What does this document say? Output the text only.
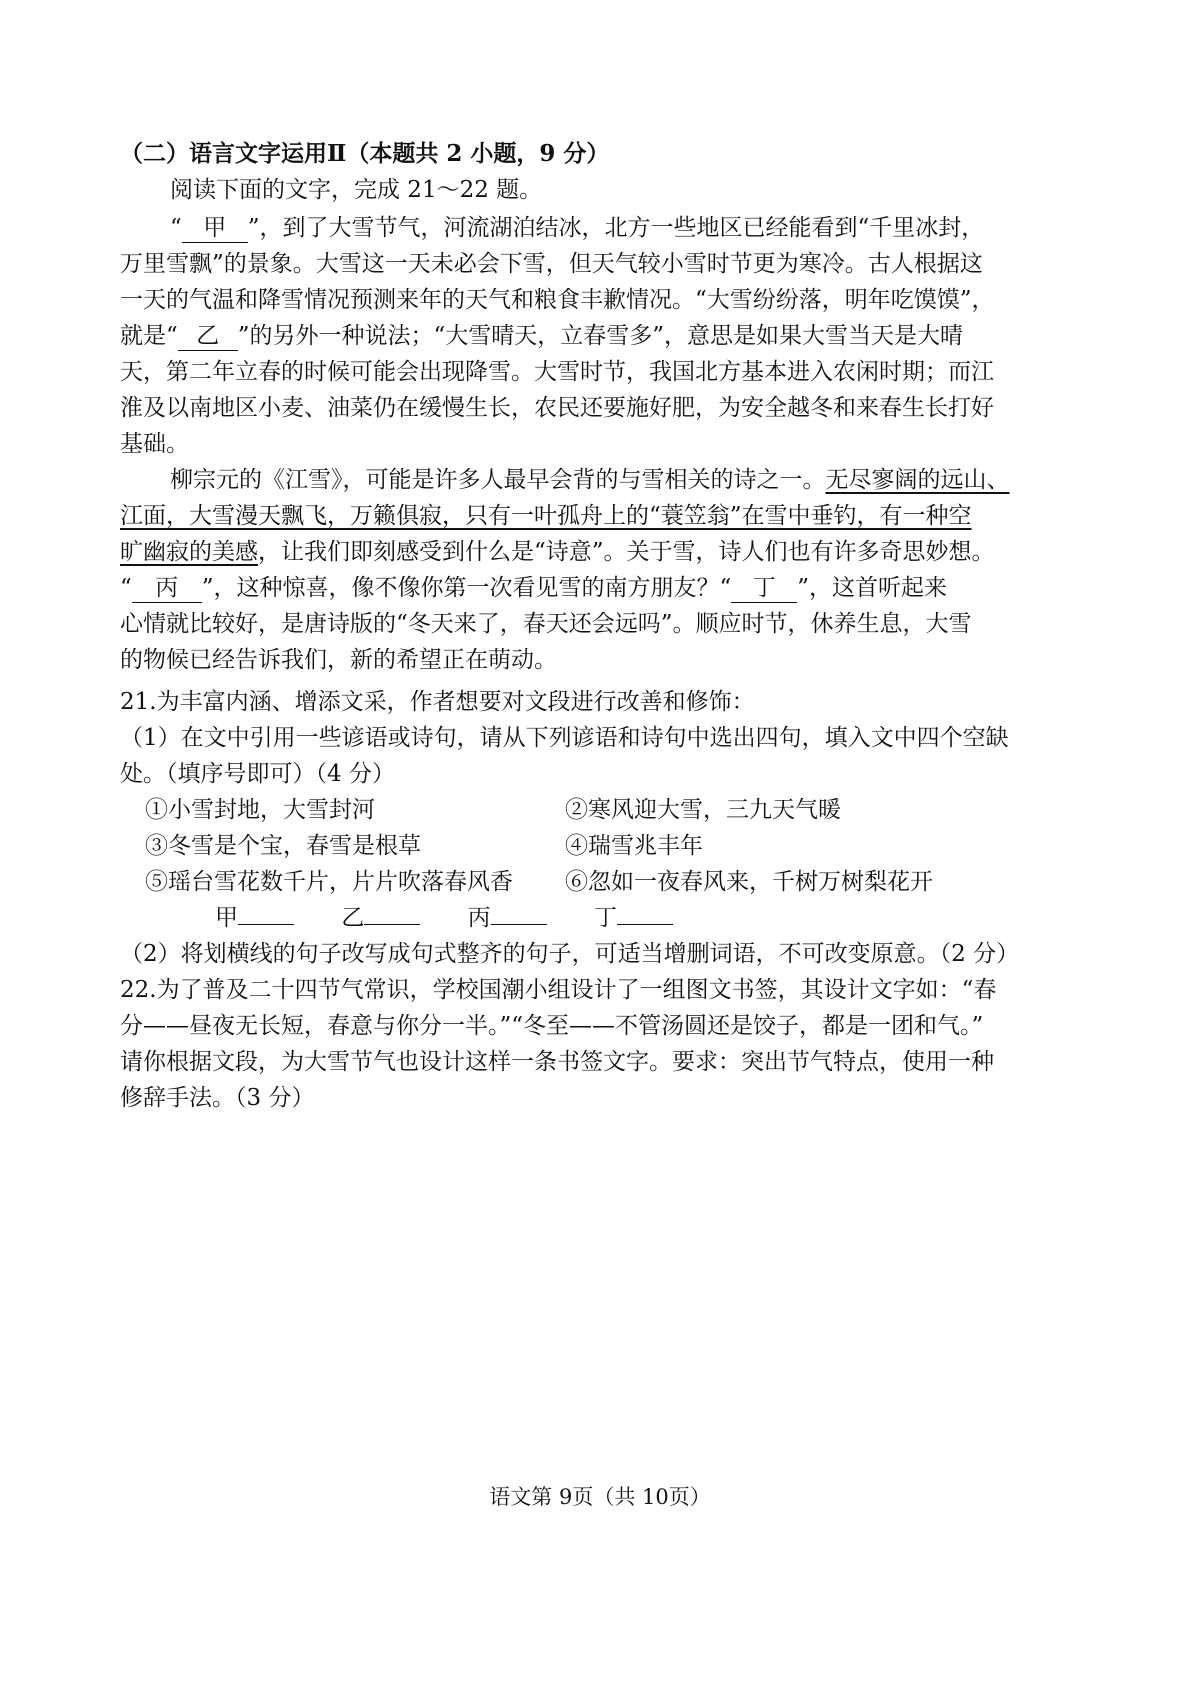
（二）语言文字运用Ⅱ（本题共 2 小题，9 分）
阅读下面的文字，完成 21～22 题。
“ 甲 ”，到了大雪节气，河流湖泊结冰，北方一些地区已经能看到“千里冰封，
万里雪飘”的景象。大雪这一天未必会下雪，但天气较小雪时节更为寒冷。古人根据这
一天的气温和降雪情况预测来年的天气和粮食丰歉情况。“大雪纷纷落，明年吃馍馍”，
就是“ 乙 ”的另外一种说法；“大雪晴天，立春雪多”，意思是如果大雪当天是大晴
天，第二年立春的时候可能会出现降雪。大雪时节，我国北方基本进入农闲时期；而江
淮及以南地区小麦、油菜仍在缓慢生长，农民还要施好肥，为安全越冬和来春生长打好
基础。
柳宗元的《江雪》，可能是许多人最早会背的与雪相关的诗之一。无尽寥阔的远山、
江面，大雪漫天飘飞，万籁俱寂，只有一叶孤舟上的“蓑笠翁”在雪中垂钓，有一种空
旷幽寂的美感，让我们即刻感受到什么是“诗意”。关于雪，诗人们也有许多奇思妙想。
“ 丙 ”，这种惊喜，像不像你第一次看见雪的南方朋友？“ 丁 ”，这首听起来
心情就比较好，是唐诗版的“冬天来了，春天还会远吗”。顺应时节，休养生息，大雪
的物候已经告诉我们，新的希望正在萌动。
21.为丰富内涵、增添文采，作者想要对文段进行改善和修饰：
（1）在文中引用一些谚语或诗句，请从下列谚语和诗句中选出四句，填入文中四个空缺
处。（填序号即可）（4 分）
①小雪封地，大雪封河	②寒风迎大雪，三九天气暖
③冬雪是个宝，春雪是根草	④瑞雪兆丰年
⑤瑶台雪花数千片，片片吹落春风香 ⑥忽如一夜春风来，千树万树梨花开
甲	乙	丙	丁
（2）将划横线的句子改写成句式整齐的句子，可适当增删词语，不可改变原意。（2 分）
22.为了普及二十四节气常识，学校国潮小组设计了一组图文书签，其设计文字如：“春
分——昼夜无长短，春意与你分一半。”“冬至——不管汤圆还是饺子，都是一团和气。”
请你根据文段，为大雪节气也设计这样一条书签文字。要求：突出节气特点，使用一种
修辞手法。（3 分）
语文第 9页（共 10页）
